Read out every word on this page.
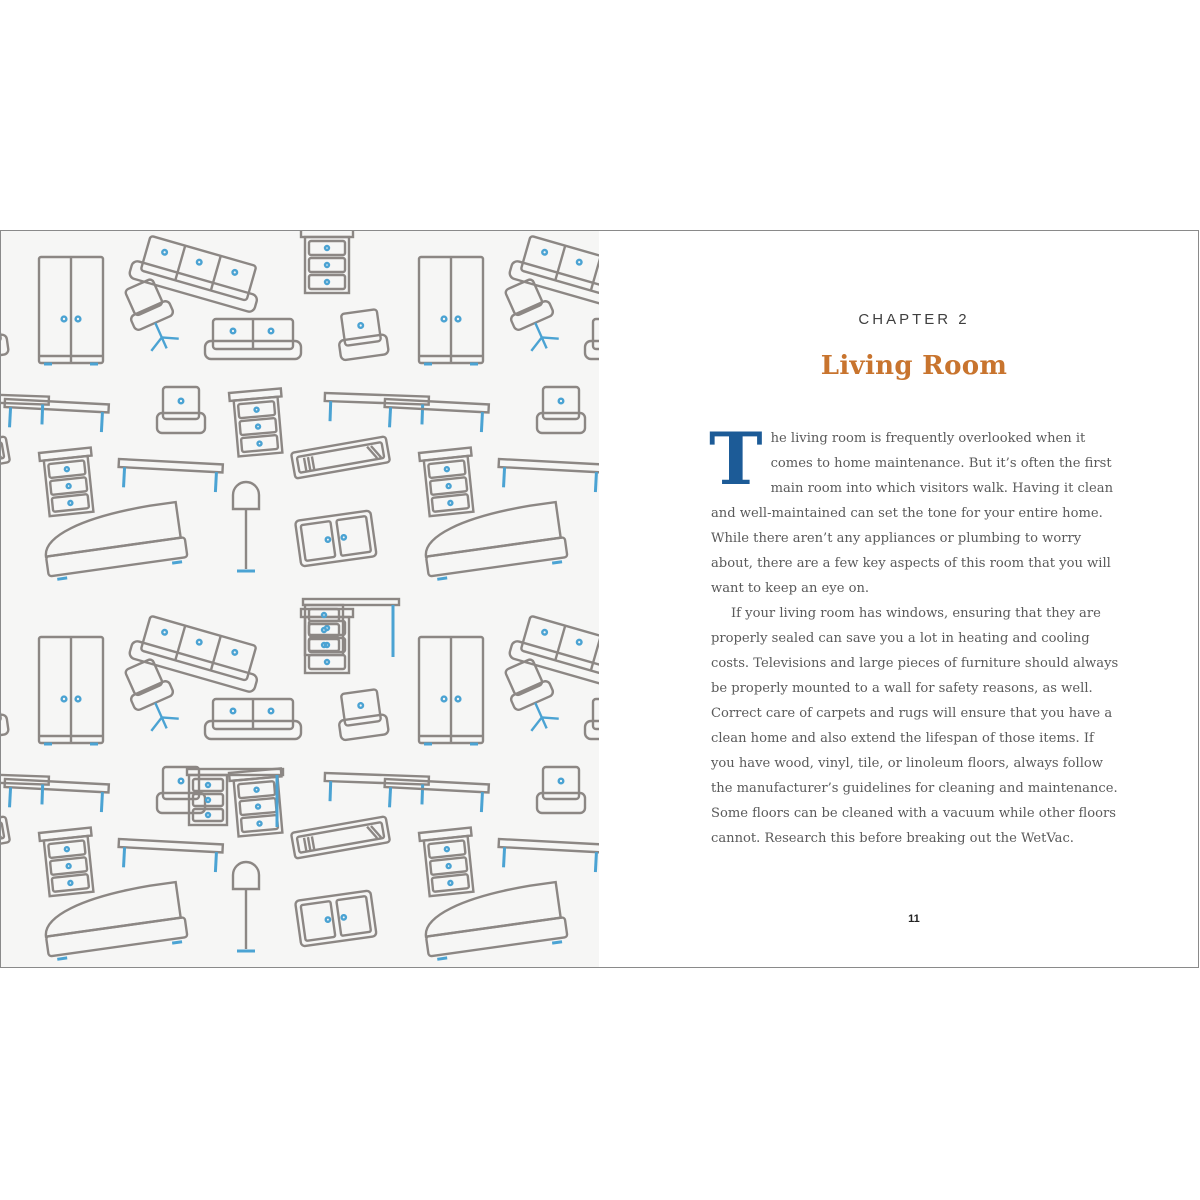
CHAPTER 2
Living Room

The living room is frequently overlooked when it comes to home maintenance. But it’s often the first main room into which visitors walk. Having it clean and well-maintained can set the tone for your entire home. While there aren’t any appliances or plumbing to worry about, there are a few key aspects of this room that you will want to keep an eye on.

If your living room has windows, ensuring that they are properly sealed can save you a lot in heating and cooling costs. Televisions and large pieces of furniture should always be properly mounted to a wall for safety reasons, as well. Correct care of carpets and rugs will ensure that you have a clean home and also extend the lifespan of those items. If you have wood, vinyl, tile, or linoleum floors, always follow the manufacturer’s guidelines for cleaning and maintenance. Some floors can be cleaned with a vacuum while other floors cannot. Research this before breaking out the WetVac.

11
